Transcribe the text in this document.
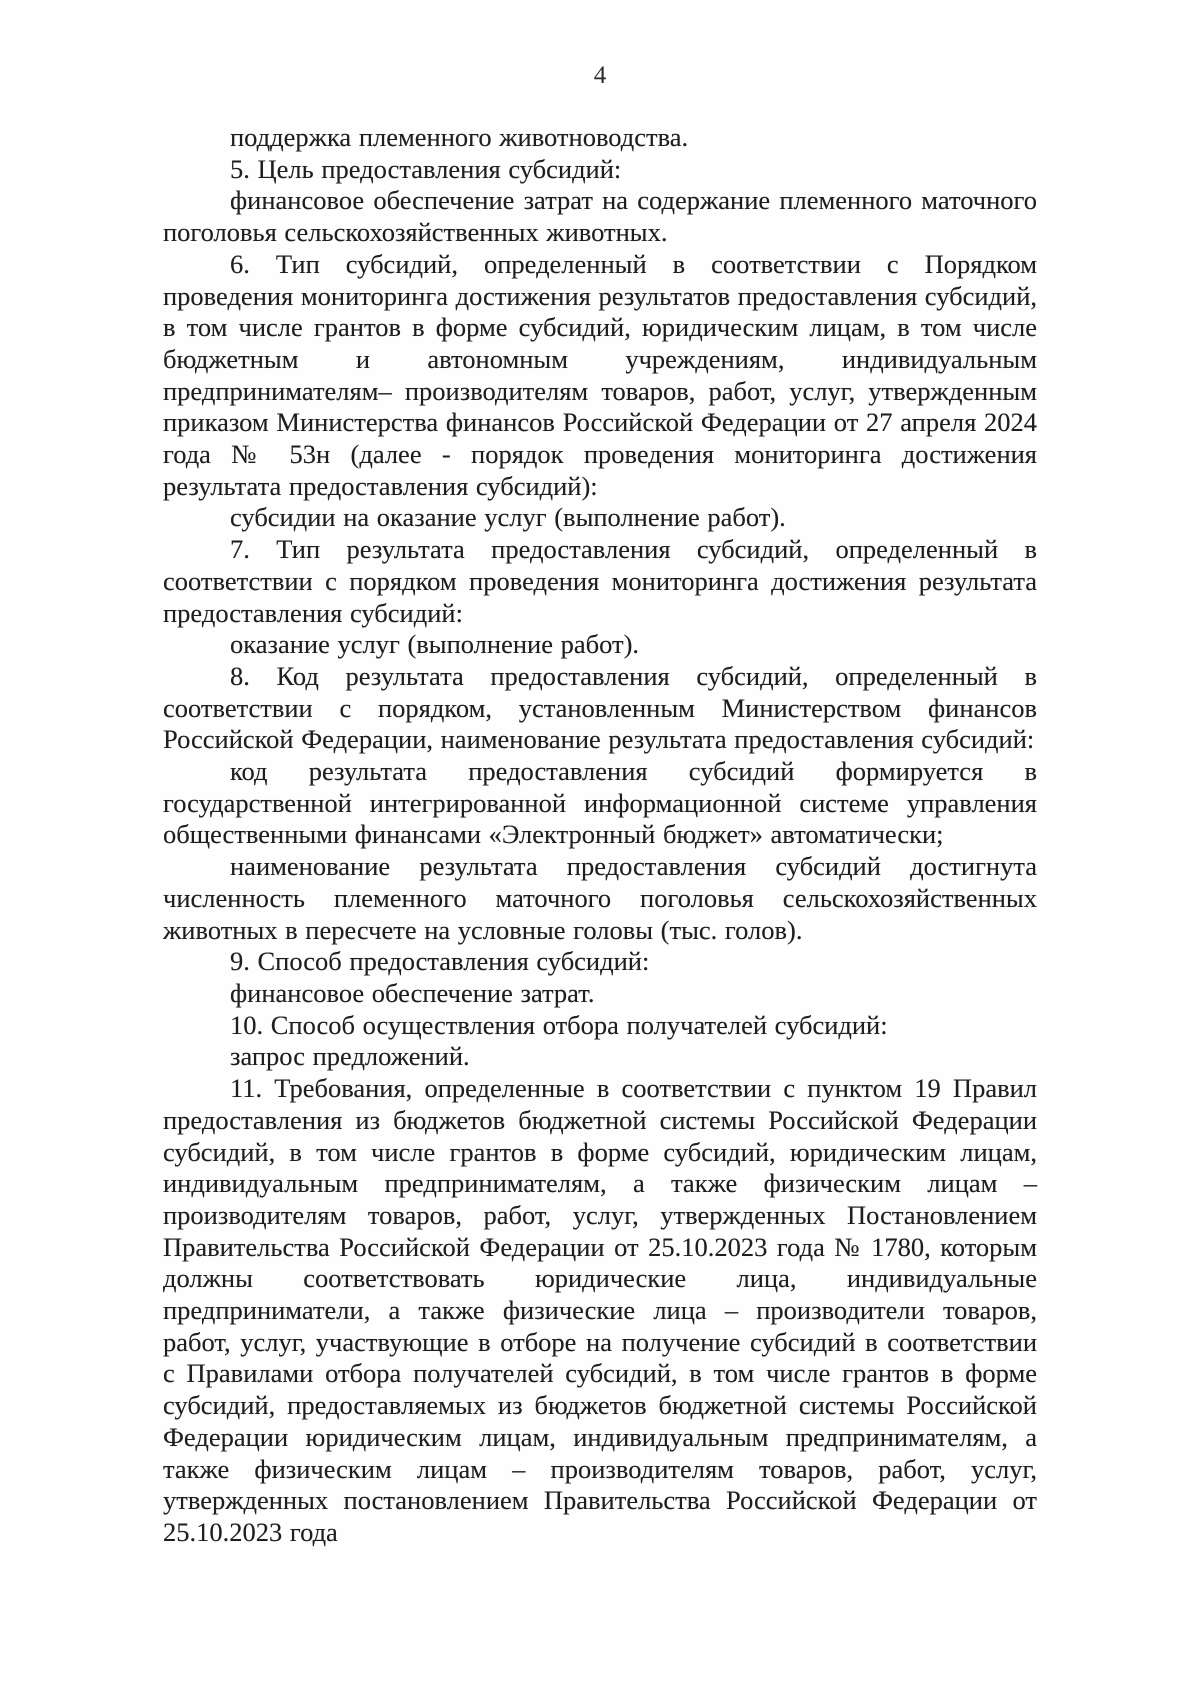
4

поддержка племенного животноводства.

5. Цель предоставления субсидий:

финансовое обеспечение затрат на содержание племенного маточного поголовья сельскохозяйственных животных.

6. Тип субсидий, определенный в соответствии с Порядком проведения мониторинга достижения результатов предоставления субсидий, в том числе грантов в форме субсидий, юридическим лицам, в том числе бюджетным и автономным учреждениям, индивидуальным предпринимателям– производителям товаров, работ, услуг, утвержденным приказом Министерства финансов Российской Федерации от 27 апреля 2024 года № 53н (далее - порядок проведения мониторинга достижения результата предоставления субсидий):

субсидии на оказание услуг (выполнение работ).

7. Тип результата предоставления субсидий, определенный в соответствии с порядком проведения мониторинга достижения результата предоставления субсидий:

оказание услуг (выполнение работ).

8. Код результата предоставления субсидий, определенный в соответствии с порядком, установленным Министерством финансов Российской Федерации, наименование результата предоставления субсидий:

код результата предоставления субсидий формируется в государственной интегрированной информационной системе управления общественными финансами «Электронный бюджет» автоматически;

наименование результата предоставления субсидий достигнута численность племенного маточного поголовья сельскохозяйственных животных в пересчете на условные головы (тыс. голов).

9. Способ предоставления субсидий:

финансовое обеспечение затрат.

10. Способ осуществления отбора получателей субсидий:

запрос предложений.

11. Требования, определенные в соответствии с пунктом 19 Правил предоставления из бюджетов бюджетной системы Российской Федерации субсидий, в том числе грантов в форме субсидий, юридическим лицам, индивидуальным предпринимателям, а также физическим лицам – производителям товаров, работ, услуг, утвержденных Постановлением Правительства Российской Федерации от 25.10.2023 года № 1780, которым должны соответствовать юридические лица, индивидуальные предприниматели, а также физические лица – производители товаров, работ, услуг, участвующие в отборе на получение субсидий в соответствии с Правилами отбора получателей субсидий, в том числе грантов в форме субсидий, предоставляемых из бюджетов бюджетной системы Российской Федерации юридическим лицам, индивидуальным предпринимателям, а также физическим лицам – производителям товаров, работ, услуг, утвержденных постановлением Правительства Российской Федерации от 25.10.2023 года
